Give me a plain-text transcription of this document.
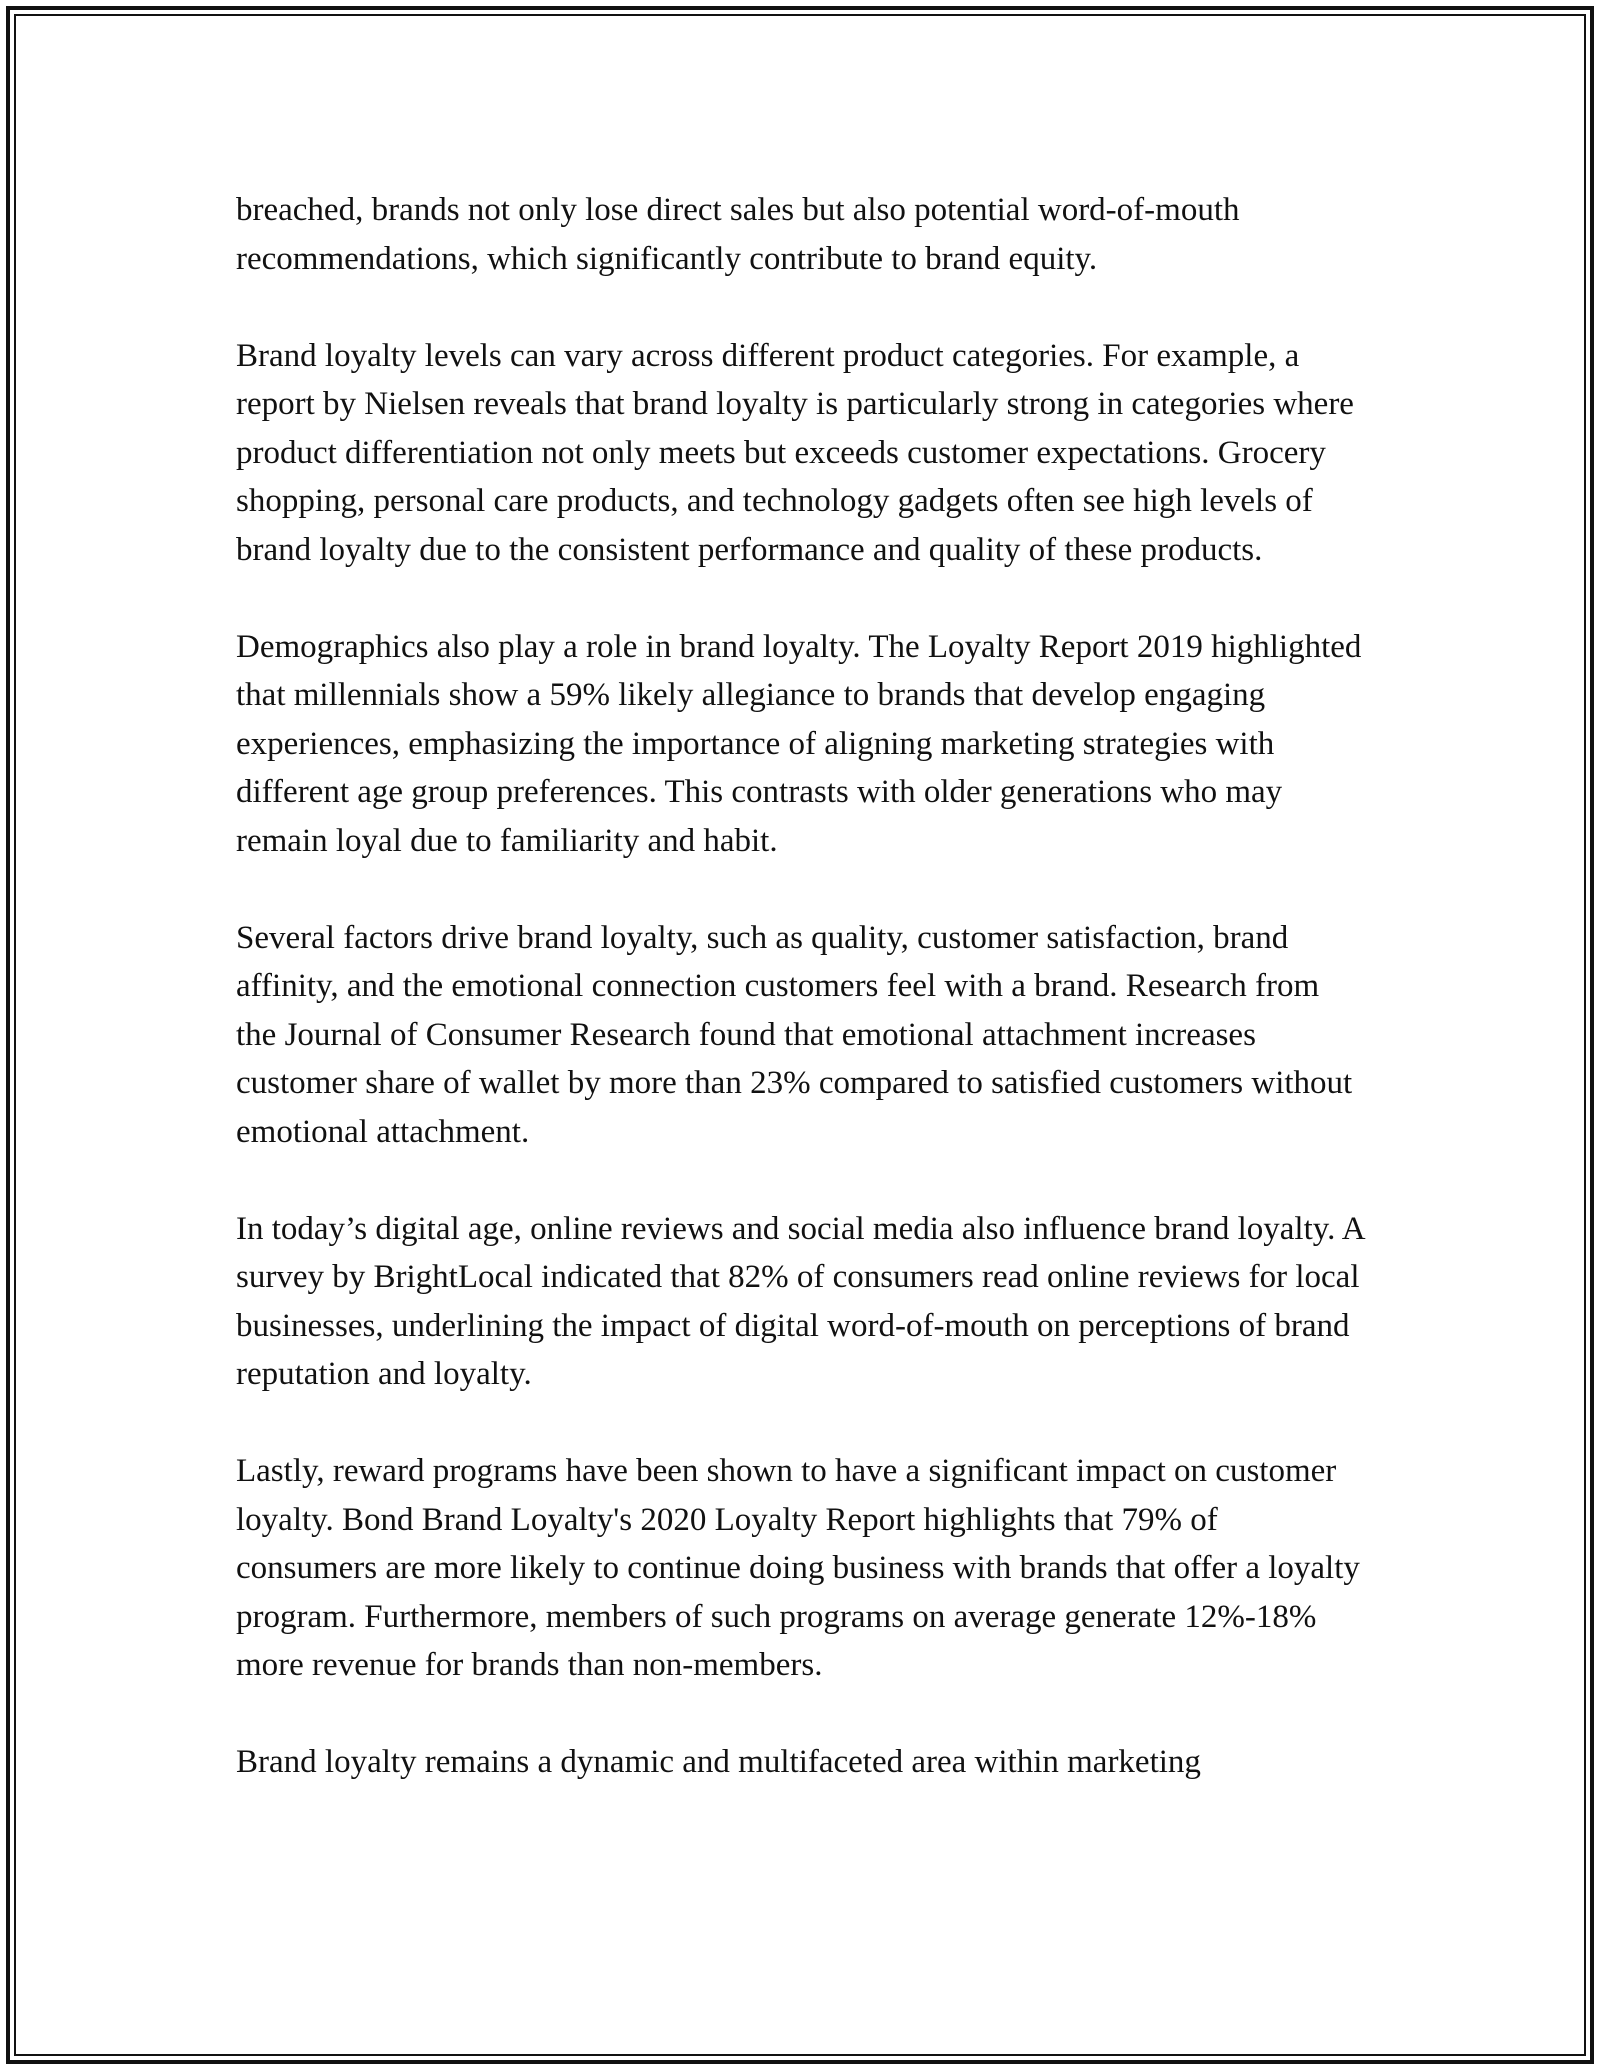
breached, brands not only lose direct sales but also potential word-of-mouth recommendations, which significantly contribute to brand equity.

Brand loyalty levels can vary across different product categories. For example, a report by Nielsen reveals that brand loyalty is particularly strong in categories where product differentiation not only meets but exceeds customer expectations. Grocery shopping, personal care products, and technology gadgets often see high levels of brand loyalty due to the consistent performance and quality of these products.

Demographics also play a role in brand loyalty. The Loyalty Report 2019 highlighted that millennials show a 59% likely allegiance to brands that develop engaging experiences, emphasizing the importance of aligning marketing strategies with different age group preferences. This contrasts with older generations who may remain loyal due to familiarity and habit.

Several factors drive brand loyalty, such as quality, customer satisfaction, brand affinity, and the emotional connection customers feel with a brand. Research from the Journal of Consumer Research found that emotional attachment increases customer share of wallet by more than 23% compared to satisfied customers without emotional attachment.

In today’s digital age, online reviews and social media also influence brand loyalty. A survey by BrightLocal indicated that 82% of consumers read online reviews for local businesses, underlining the impact of digital word-of-mouth on perceptions of brand reputation and loyalty.

Lastly, reward programs have been shown to have a significant impact on customer loyalty. Bond Brand Loyalty's 2020 Loyalty Report highlights that 79% of consumers are more likely to continue doing business with brands that offer a loyalty program. Furthermore, members of such programs on average generate 12%-18% more revenue for brands than non-members.

Brand loyalty remains a dynamic and multifaceted area within marketing
